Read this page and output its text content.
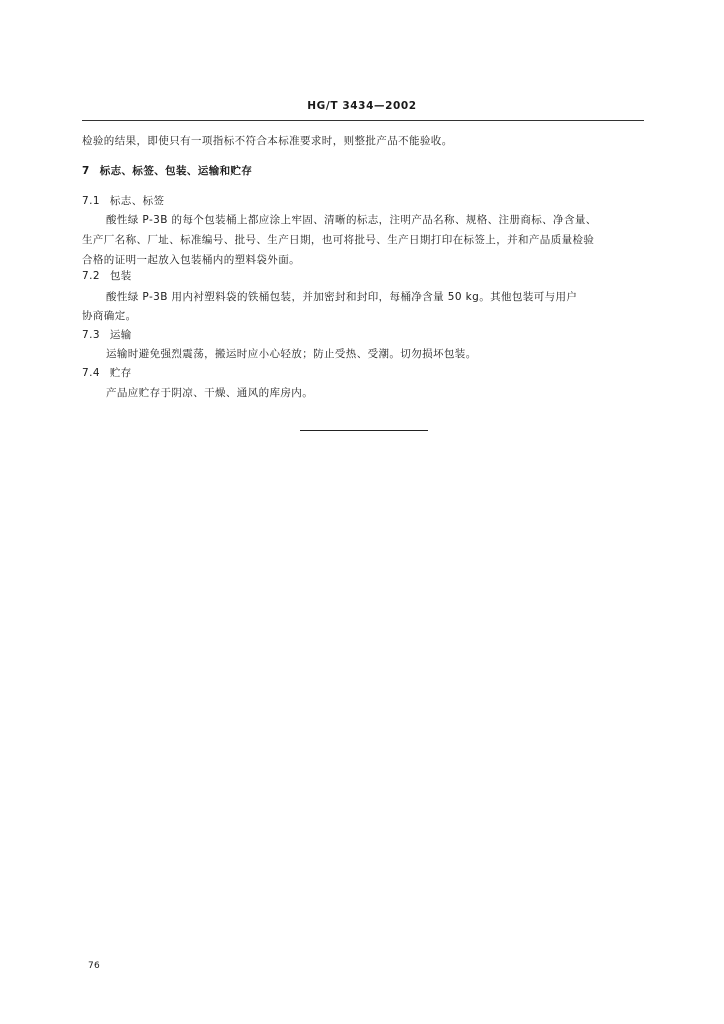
HG/T 3434—2002
检验的结果，即使只有一项指标不符合本标准要求时，则整批产品不能验收。
7 标志、标签、包装、运输和贮存
7.1 标志、标签
酸性绿 P-3B 的每个包装桶上都应涂上牢固、清晰的标志，注明产品名称、规格、注册商标、净含量、
生产厂名称、厂址、标准编号、批号、生产日期，也可将批号、生产日期打印在标签上，并和产品质量检验
合格的证明一起放入包装桶内的塑料袋外面。
7.2 包装
酸性绿 P-3B 用内衬塑料袋的铁桶包装，并加密封和封印，每桶净含量 50 kg。其他包装可与用户
协商确定。
7.3 运输
运输时避免强烈震荡，搬运时应小心轻放；防止受热、受潮。切勿损坏包装。
7.4 贮存
产品应贮存于阴凉、干燥、通风的库房内。
76
